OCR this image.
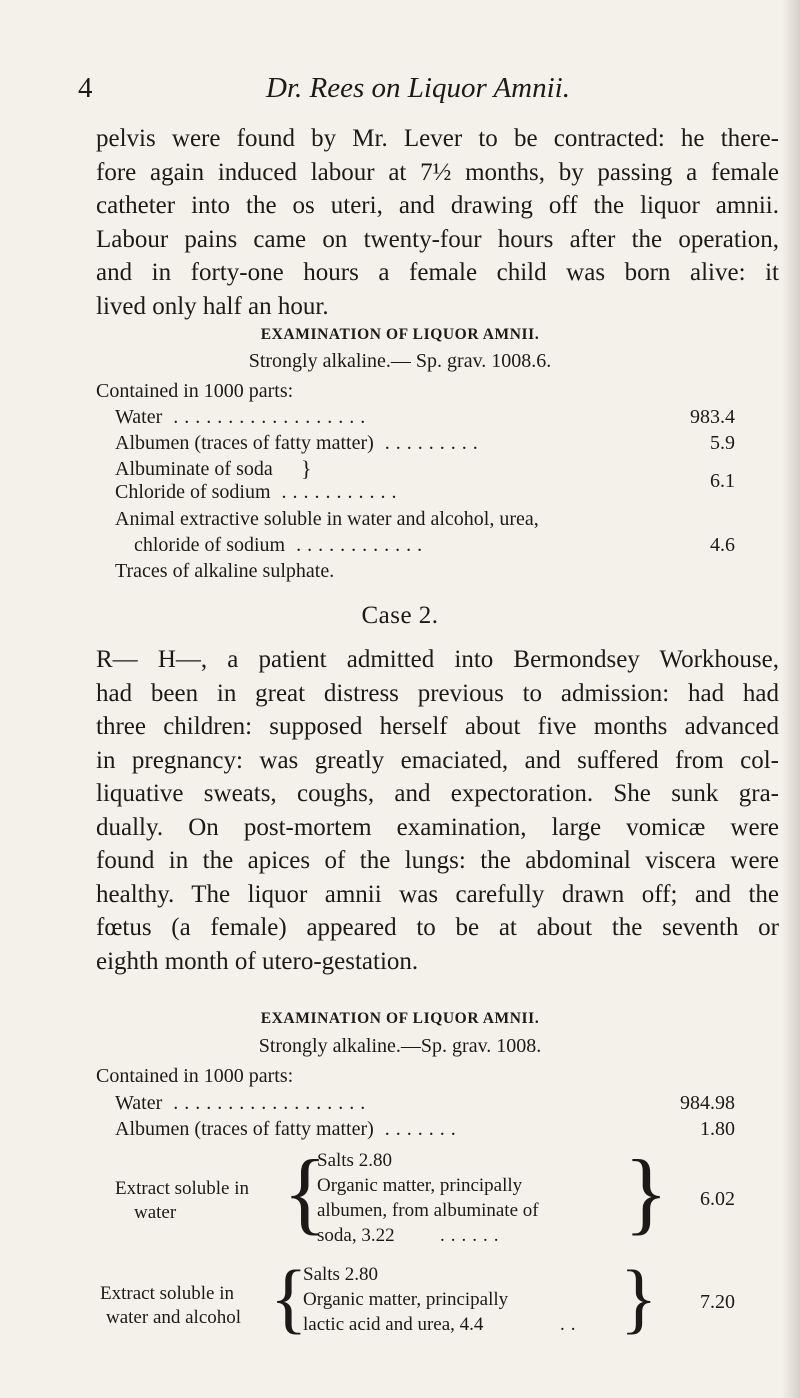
4	Dr. Rees on Liquor Amnii.
pelvis were found by Mr. Lever to be contracted: he there-
fore again induced labour at 7½ months, by passing a female
catheter into the os uteri, and drawing off the liquor amnii.
Labour pains came on twenty-four hours after the operation,
and in forty-one hours a female child was born alive: it
lived only half an hour.
EXAMINATION OF LIQUOR AMNII.
Strongly alkaline.— Sp. grav. 1008.6.
Contained in 1000 parts:
Water ..................	983.4
Albumen (traces of fatty matter) .........	5.9
Albuminate of soda }
Chloride of sodium ...........	6.1
Animal extractive soluble in water and alcohol, urea,
chloride of sodium ............	4.6
Traces of alkaline sulphate.
Case 2.
R— H—, a patient admitted into Bermondsey Workhouse,
had been in great distress previous to admission: had had
three children: supposed herself about five months advanced
in pregnancy: was greatly emaciated, and suffered from col-
liquative sweats, coughs, and expectoration. She sunk gra-
dually. On post-mortem examination, large vomicæ were
found in the apices of the lungs: the abdominal viscera were
healthy. The liquor amnii was carefully drawn off; and the
fœtus (a female) appeared to be at about the seventh or
eighth month of utero-gestation.
EXAMINATION OF LIQUOR AMNII.
Strongly alkaline.—Sp. grav. 1008.
Contained in 1000 parts:
Water ..................	984.98
Albumen (traces of fatty matter) .......	1.80
Extract soluble in
water {
Salts 2.80
Organic matter, principally
albumen, from albuminate of
soda, 3.22 ...... }	6.02
Extract soluble in
water and alcohol {
Salts 2.80
Organic matter, principally
lactic acid and urea, 4.4	.. }	7.20
